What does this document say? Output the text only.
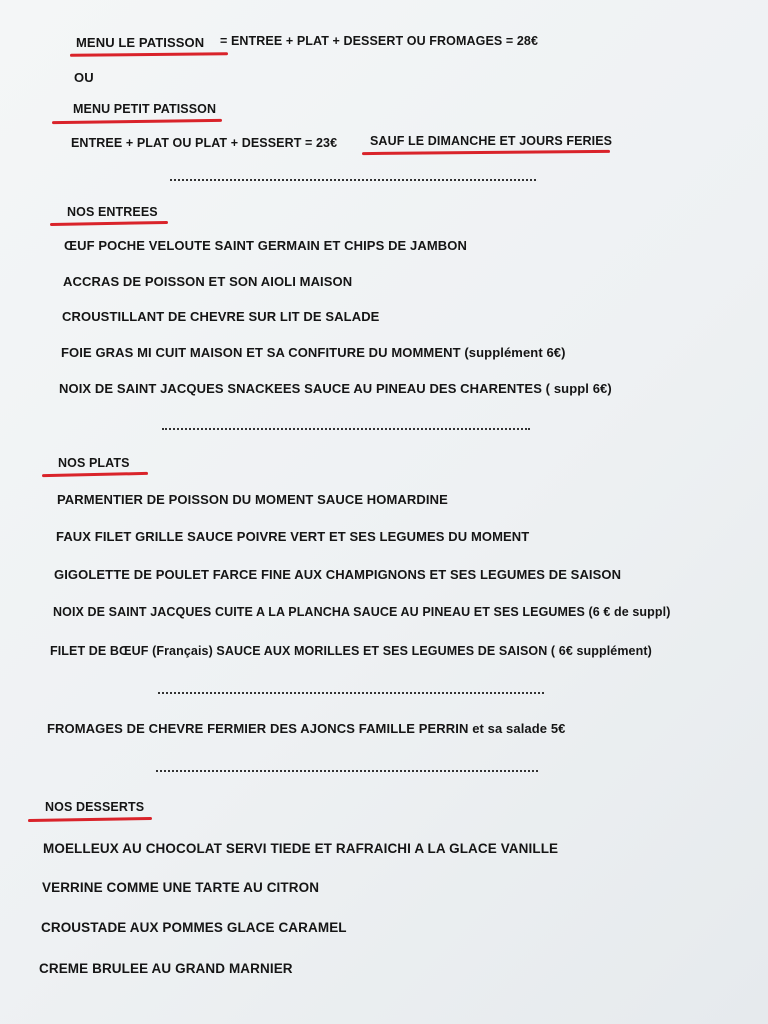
MENU LE PATISSON = ENTREE + PLAT + DESSERT OU FROMAGES = 28€
OU
MENU PETIT PATISSON
ENTREE + PLAT OU PLAT + DESSERT = 23€	SAUF LE DIMANCHE ET JOURS FERIES
NOS ENTREES
ŒUF POCHE VELOUTE SAINT GERMAIN ET CHIPS DE JAMBON
ACCRAS DE POISSON ET SON AIOLI MAISON
CROUSTILLANT DE CHEVRE SUR LIT DE SALADE
FOIE GRAS MI CUIT MAISON ET SA CONFITURE DU MOMMENT (supplément 6€)
NOIX DE SAINT JACQUES SNACKEES SAUCE AU PINEAU DES CHARENTES ( suppl 6€)
NOS PLATS
PARMENTIER DE POISSON DU MOMENT SAUCE HOMARDINE
FAUX FILET GRILLE SAUCE POIVRE VERT ET SES LEGUMES DU MOMENT
GIGOLETTE DE POULET FARCE FINE AUX CHAMPIGNONS ET SES LEGUMES DE SAISON
NOIX DE SAINT JACQUES CUITE A LA PLANCHA SAUCE AU PINEAU ET SES LEGUMES (6 € de suppl)
FILET DE BŒUF (Français) SAUCE AUX MORILLES ET SES LEGUMES DE SAISON ( 6€ supplément)
FROMAGES DE CHEVRE FERMIER DES AJONCS FAMILLE PERRIN et sa salade 5€
NOS DESSERTS
MOELLEUX AU CHOCOLAT SERVI TIEDE ET RAFRAICHI A LA GLACE VANILLE
VERRINE COMME UNE TARTE AU CITRON
CROUSTADE AUX POMMES GLACE CARAMEL
CREME BRULEE AU GRAND MARNIER
